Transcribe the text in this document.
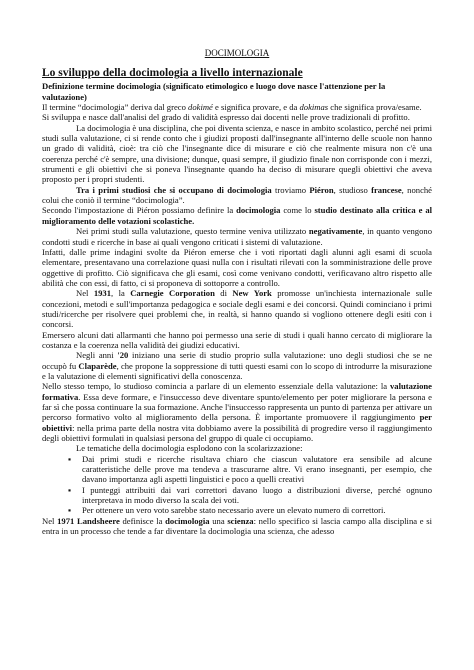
DOCIMOLOGIA
Lo sviluppo della docimologia a livello internazionale
Definizione termine docimologia (significato etimologico e luogo dove nasce l'attenzione per la valutazione)

Il termine “docimologia” deriva dal greco dokimé e significa provare, e da dokimas che significa prova/esame.

Si sviluppa e nasce dall'analisi del grado di validità espresso dai docenti nelle prove tradizionali di profitto.

La docimologia è una disciplina, che poi diventa scienza, e nasce in ambito scolastico, perché nei primi studi sulla valutazione, ci si rende conto che i giudizi proposti dall'insegnante all'interno delle scuole non hanno un grado di validità, cioè: tra ciò che l'insegnante dice di misurare e ciò che realmente misura non c'è una coerenza perché c'è sempre, una divisione; dunque, quasi sempre, il giudizio finale non corrisponde con i mezzi, strumenti e gli obiettivi che si poneva l'insegnante quando ha deciso di misurare quegli obiettivi che aveva proposto per i propri studenti.

Tra i primi studiosi che si occupano di docimologia troviamo Piéron, studioso francese, nonché colui che coniò il termine “docimologia”.

Secondo l'impostazione di Piéron possiamo definire la docimologia come lo studio destinato alla critica e al miglioramento delle votazioni scolastiche.

Nei primi studi sulla valutazione, questo termine veniva utilizzato negativamente, in quanto vengono condotti studi e ricerche in base ai quali vengono criticati i sistemi di valutazione.

Infatti, dalle prime indagini svolte da Piéron emerse che i voti riportati dagli alunni agli esami di scuola elementare, presentavano una correlazione quasi nulla con i risultati rilevati con la somministrazione delle prove oggettive di profitto. Ciò significava che gli esami, così come venivano condotti, verificavano altro rispetto alle abilità che con essi, di fatto, ci si proponeva di sottoporre a controllo.

Nel 1931, la Carnegie Corporation di New York promosse un'inchiesta internazionale sulle concezioni, metodi e sull'importanza pedagogica e sociale degli esami e dei concorsi. Quindi cominciano i primi studi/ricerche per risolvere quei problemi che, in realtà, si hanno quando si vogliono ottenere degli esiti con i concorsi.

Emersero alcuni dati allarmanti che hanno poi permesso una serie di studi i quali hanno cercato di migliorare la costanza e la coerenza nella validità dei giudizi educativi.

Negli anni '20 iniziano una serie di studio proprio sulla valutazione: uno degli studiosi che se ne occupò fu Claparède, che propone la soppressione di tutti questi esami con lo scopo di introdurre la misurazione e la valutazione di elementi significativi della conoscenza.

Nello stesso tempo, lo studioso comincia a parlare di un elemento essenziale della valutazione: la valutazione formativa. Essa deve formare, e l'insuccesso deve diventare spunto/elemento per poter migliorare la persona e far sì che possa continuare la sua formazione. Anche l'insuccesso rappresenta un punto di partenza per attivare un percorso formativo volto al miglioramento della persona. È importante promuovere il raggiungimento per obiettivi: nella prima parte della nostra vita dobbiamo avere la possibilità di progredire verso il raggiungimento degli obiettivi formulati in qualsiasi persona del gruppo di quale ci occupiamo.

Le tematiche della docimologia esplodono con la scolarizzazione:

▪ Dai primi studi e ricerche risultava chiaro che ciascun valutatore era sensibile ad alcune caratteristiche delle prove ma tendeva a trascurarne altre. Vi erano insegnanti, per esempio, che davano importanza agli aspetti linguistici e poco a quelli creativi
▪ I punteggi attribuiti dai vari correttori davano luogo a distribuzioni diverse, perché ognuno interpretava in modo diverso la scala dei voti.
▪ Per ottenere un vero voto sarebbe stato necessario avere un elevato numero di correttori.

Nel 1971 Landsheere definisce la docimologia una scienza: nello specifico si lascia campo alla disciplina e si entra in un processo che tende a far diventare la docimologia una scienza, che adesso
